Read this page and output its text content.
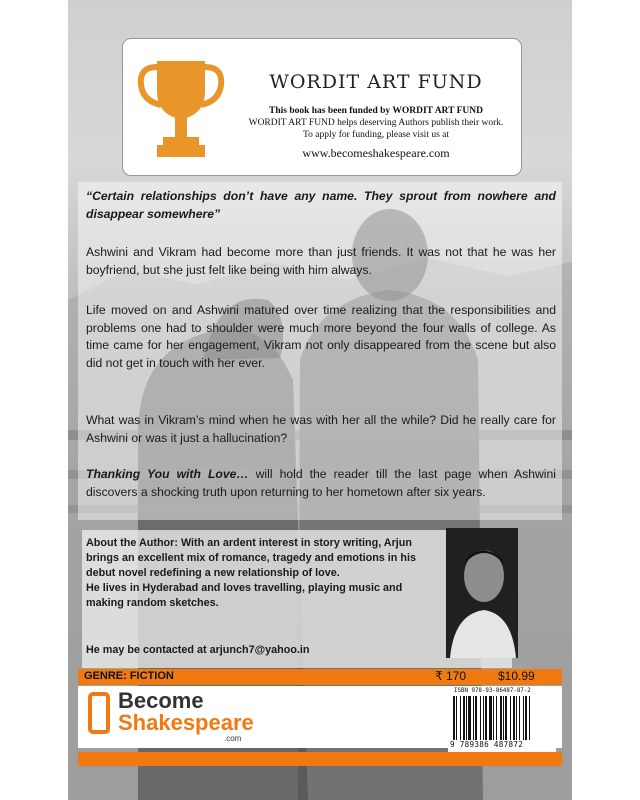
WORDIT ART FUND
This book has been funded by WORDIT ART FUND
WORDIT ART FUND helps deserving Authors publish their work.
To apply for funding, please visit us at
www.becomeshakespeare.com

“Certain relationships don’t have any name. They sprout from nowhere and disappear somewhere”

Ashwini and Vikram had become more than just friends. It was not that he was her boyfriend, but she just felt like being with him always.

Life moved on and Ashwini matured over time realizing that the responsibilities and problems one had to shoulder were much more beyond the four walls of college. As time came for her engagement, Vikram not only disappeared from the scene but also did not get in touch with her ever.

What was in Vikram’s mind when he was with her all the while? Did he really care for Ashwini or was it just a hallucination?

Thanking You with Love… will hold the reader till the last page when Ashwini discovers a shocking truth upon returning to her hometown after six years.

About the Author: With an ardent interest in story writing, Arjun brings an excellent mix of romance, tragedy and emotions in his debut novel redefining a new relationship of love.
He lives in Hyderabad and loves travelling, playing music and making random sketches.

He may be contacted at arjunch7@yahoo.in
GENRE: FICTION	₹ 170	$10.99
Become
Shakespeare
.com
ISBN 978-93-86487-87-2
9 789386 487872
